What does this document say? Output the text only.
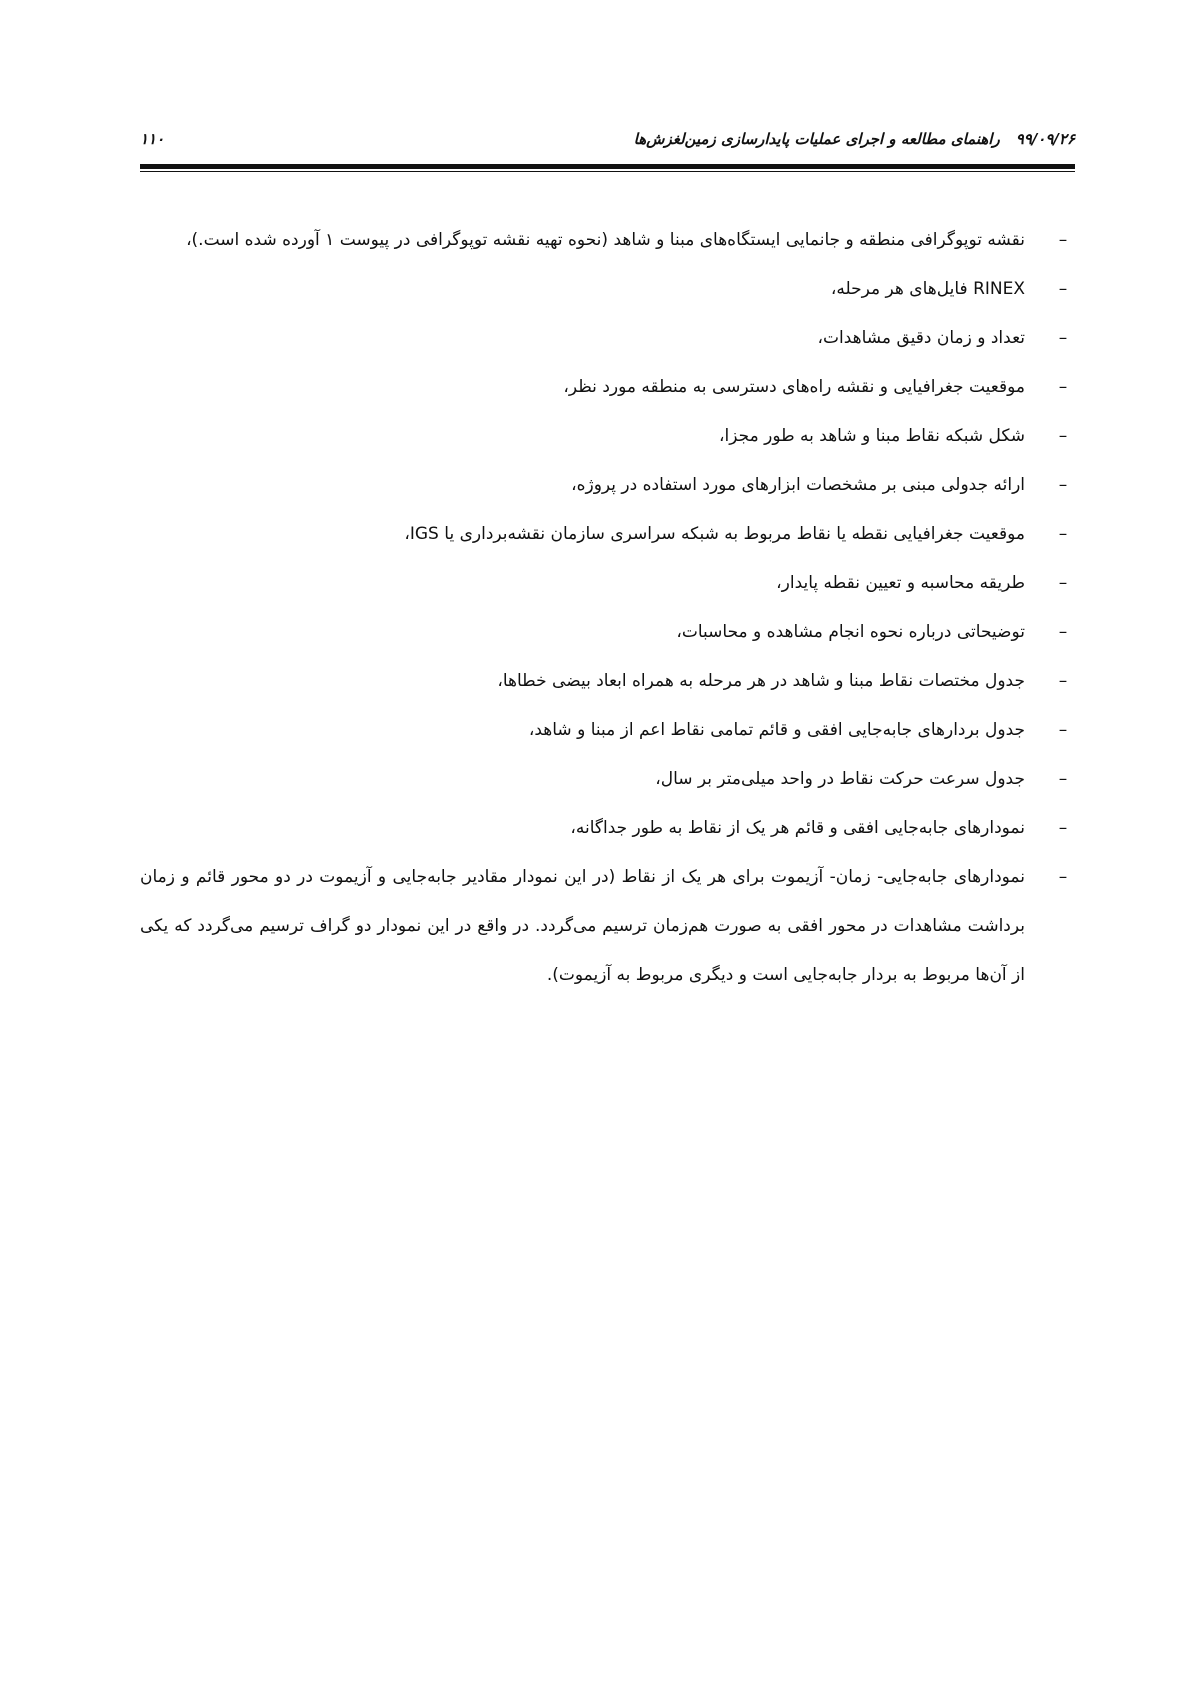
۹۹/۰۹/۲۶راهنمای مطالعه و اجرای عملیات پایدارسازی زمین‌لغزش‌ها
۱۱۰
–
نقشه توپوگرافی منطقه و جانمایی ایستگاه‌های مبنا و شاهد (نحوه تهیه نقشه توپوگرافی در پیوست ۱ آورده شده است.)،
–
RINEX فایل‌های هر مرحله،
–
تعداد و زمان دقیق مشاهدات،
–
موقعیت جغرافیایی و نقشه راه‌های دسترسی به منطقه مورد نظر،
–
شکل شبکه نقاط مبنا و شاهد به طور مجزا،
–
ارائه جدولی مبنی بر مشخصات ابزارهای مورد استفاده در پروژه،
–
موقعیت جغرافیایی نقطه یا نقاط مربوط به شبکه سراسری سازمان نقشه‌برداری یا IGS،
–
طریقه محاسبه و تعیین نقطه پایدار،
–
توضیحاتی درباره نحوه انجام مشاهده و محاسبات،
–
جدول مختصات نقاط مبنا و شاهد در هر مرحله به همراه ابعاد بیضی خطاها،
–
جدول بردارهای جابه‌جایی افقی و قائم تمامی نقاط اعم از مبنا و شاهد،
–
جدول سرعت حرکت نقاط در واحد میلی‌متر بر سال،
–
نمودارهای جابه‌جایی افقی و قائم هر یک از نقاط به طور جداگانه،
–
نمودارهای جابه‌جایی- زمان- آزیموت برای هر یک از نقاط (در این نمودار مقادیر جابه‌جایی و آزیموت در دو محور قائم و زمان برداشت مشاهدات در محور افقی به صورت هم‌زمان ترسیم می‌گردد. در واقع در این نمودار دو گراف ترسیم می‌گردد که یکی از آن‌ها مربوط به بردار جابه‌جایی است و دیگری مربوط به آزیموت).
